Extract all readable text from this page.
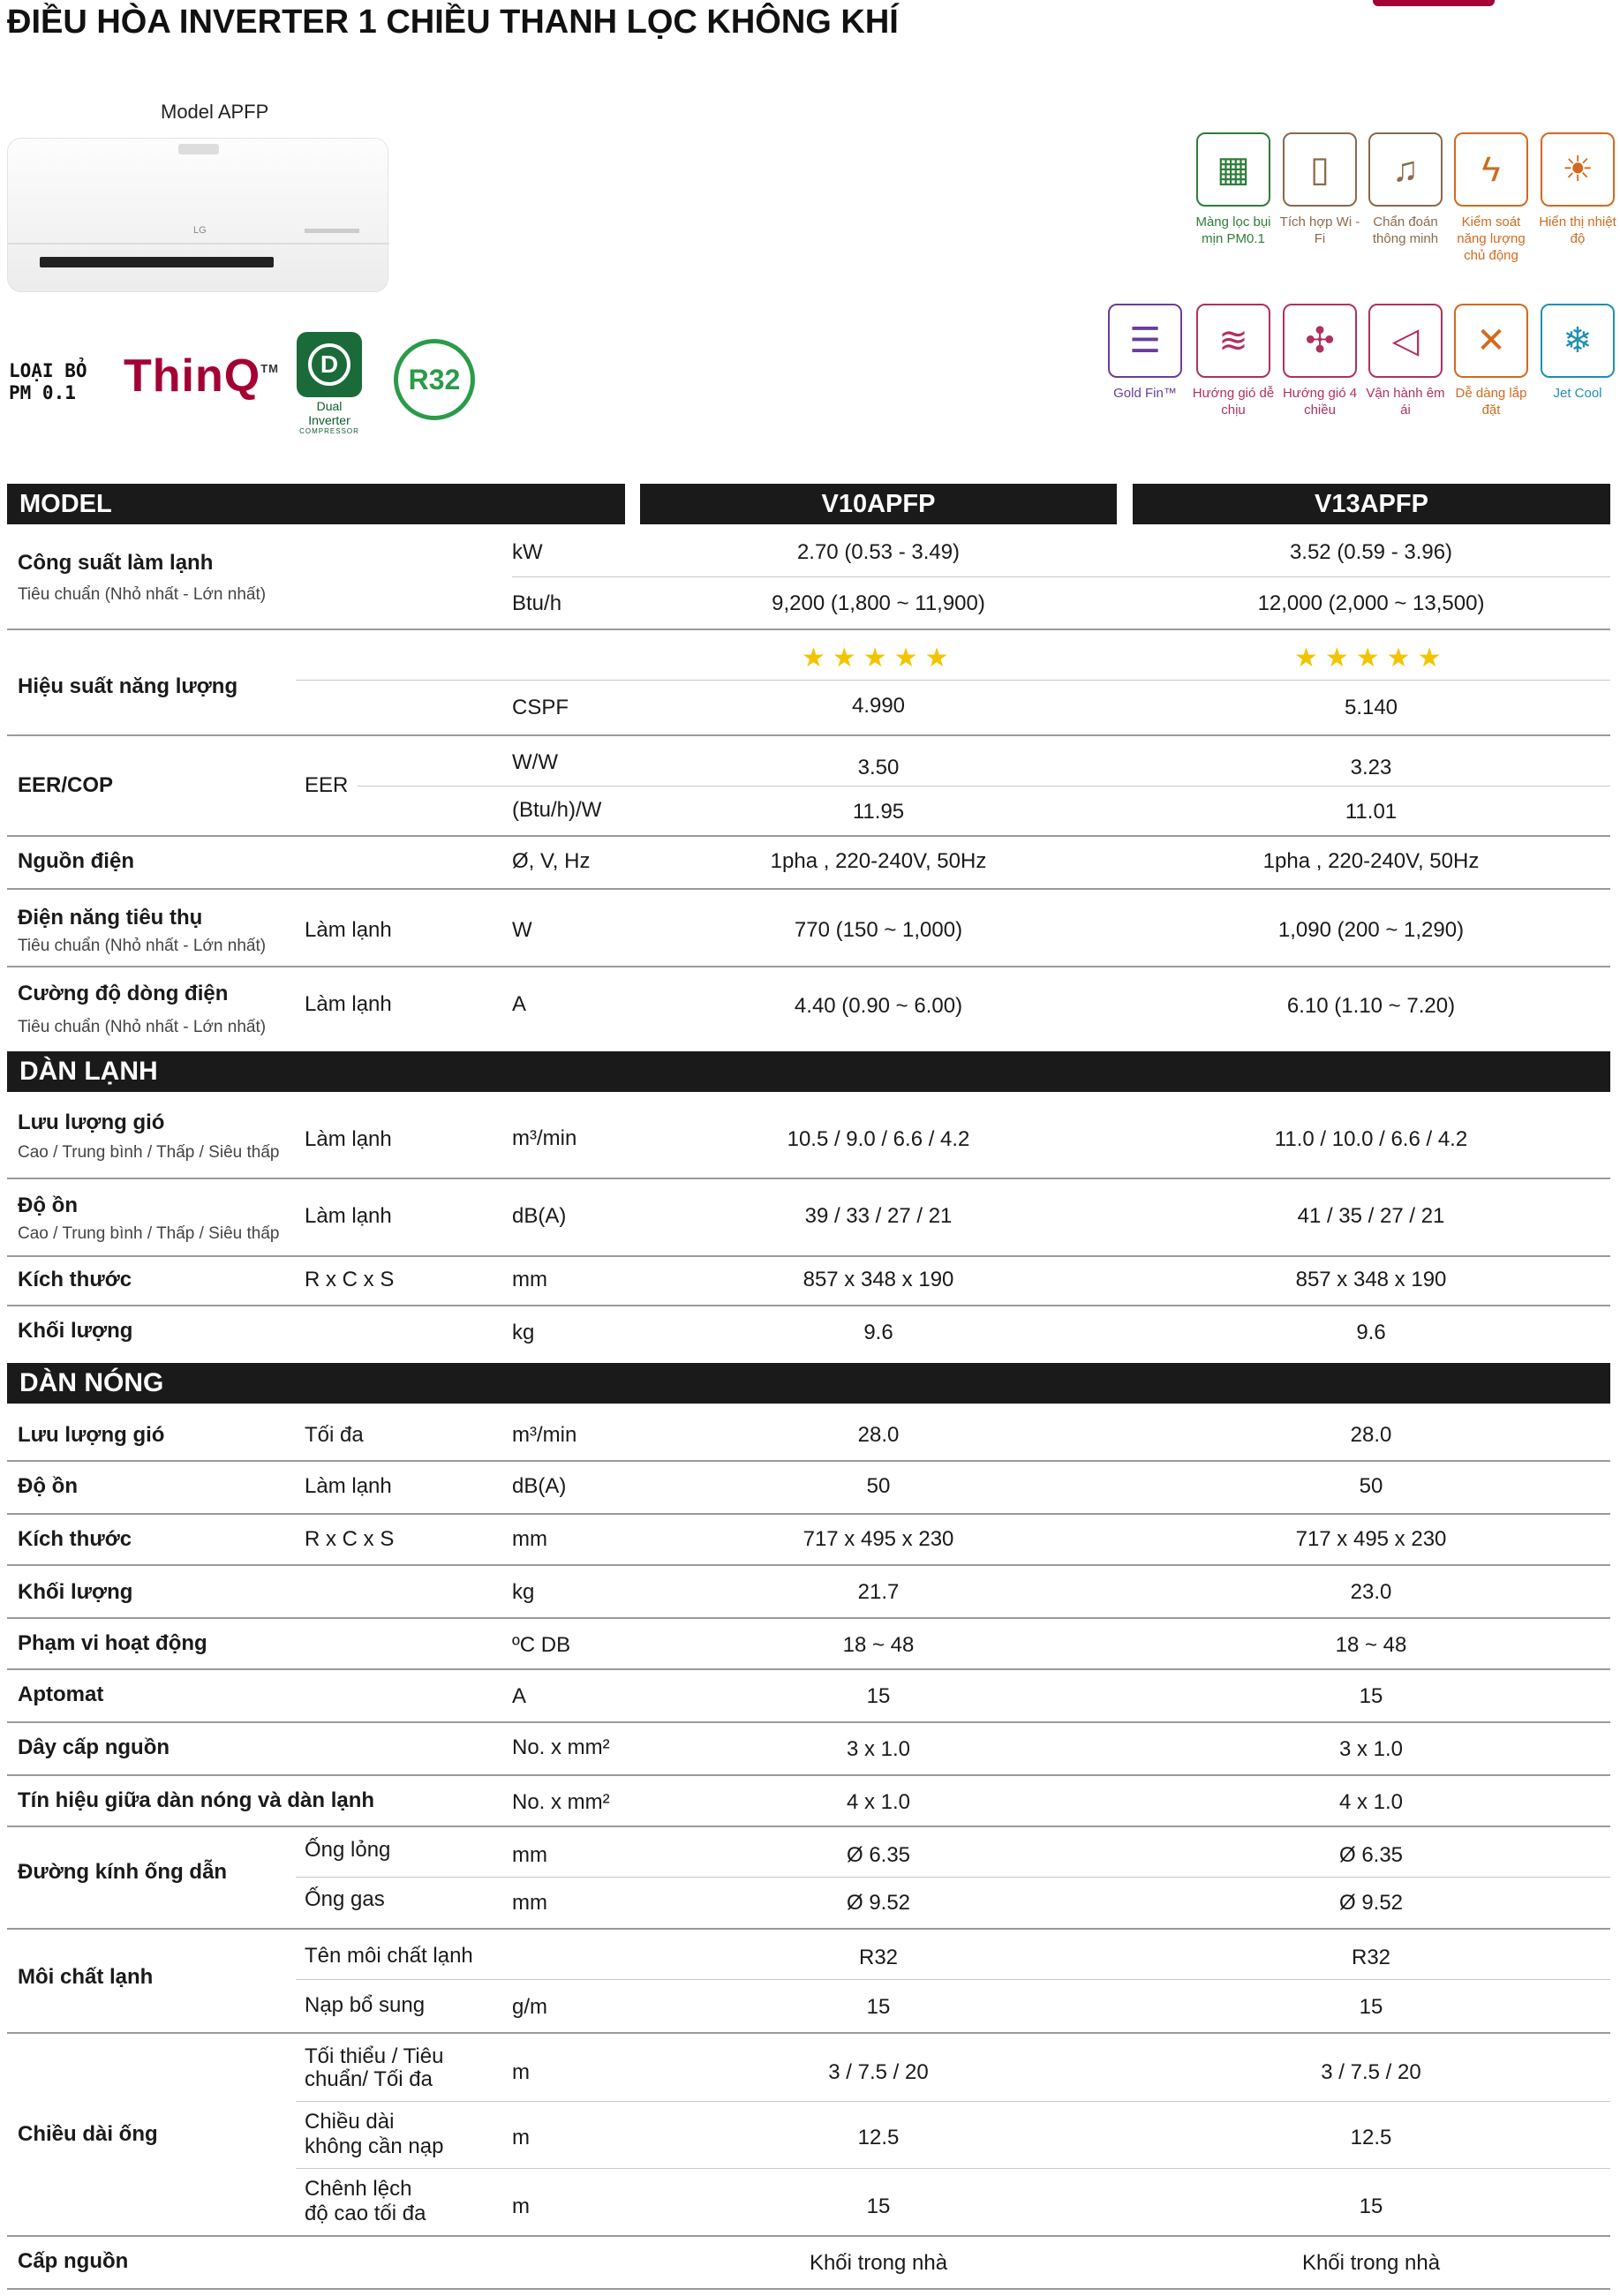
ĐIỀU HÒA INVERTER 1 CHIỀU THANH LỌC KHÔNG KHÍ
Model APFP
LG
LOẠI BỎ
PM 0.1 ThinQ™	D
Dual Inverter
COMPRESSOR
R32
▦	▯	♫	ϟ	☀
Màng lọc bụi mịn PM0.1
Tích hợp Wi - Fi
Chẩn đoán thông minh
Kiểm soát năng lượng chủ động
Hiển thị nhiệt độ
☰	≋	✣	◁	✕	❄
Gold Fin™	Hướng gió dễ chịu
Hướng gió 4 chiều
Vận hành êm ái
Dễ dàng lắp đặt
Jet Cool
MODEL	V10APFP	V13APFP
Công suất làm lạnh
Tiêu chuẩn (Nhỏ nhất - Lớn nhất)
kW	2.70 (0.53 - 3.49)	3.52 (0.59 - 3.96)
Btu/h	9,200 (1,800 ~ 11,900)	12,000 (2,000 ~ 13,500)
Hiệu suất năng lượng
★★★★★	★★★★★
CSPF	4.990	5.140
EER/COP	EER
W/W	3.50	3.23
(Btu/h)/W	11.95	11.01
Nguồn điện	Ø, V, Hz	1pha , 220-240V, 50Hz	1pha , 220-240V, 50Hz
Điện năng tiêu thụ
Tiêu chuẩn (Nhỏ nhất - Lớn nhất)
Làm lạnh	W	770 (150 ~ 1,000)	1,090 (200 ~ 1,290)
Cường độ dòng điện
Tiêu chuẩn (Nhỏ nhất - Lớn nhất)
Làm lạnh	A	4.40 (0.90 ~ 6.00)	6.10 (1.10 ~ 7.20)
DÀN LẠNH
Lưu lượng gió
Cao / Trung bình / Thấp / Siêu thấp
Làm lạnh	m³/min	10.5 / 9.0 / 6.6 / 4.2	11.0 / 10.0 / 6.6 / 4.2
Độ ồn
Cao / Trung bình / Thấp / Siêu thấp
Làm lạnh	dB(A)	39 / 33 / 27 / 21	41 / 35 / 27 / 21
Kích thước	R x C x S	mm	857 x 348 x 190	857 x 348 x 190
Khối lượng	kg	9.6	9.6
DÀN NÓNG
Lưu lượng gió	Tối đa	m³/min	28.0	28.0
Độ ồn	Làm lạnh	dB(A)	50	50
Kích thước	R x C x S	mm	717 x 495 x 230	717 x 495 x 230
Khối lượng	kg	21.7	23.0
Phạm vi hoạt động	ºC DB	18 ~ 48	18 ~ 48
Aptomat	A	15	15
Dây cấp nguồn	No. x mm²	3 x 1.0	3 x 1.0
Tín hiệu giữa dàn nóng và dàn lạnh	No. x mm²	4 x 1.0	4 x 1.0
Đường kính ống dẫn
Ống lỏng	mm	Ø 6.35	Ø 6.35
Ống gas	mm	Ø 9.52	Ø 9.52
Môi chất lạnh
Tên môi chất lạnh	R32	R32
Nạp bổ sung	g/m	15	15
Chiều dài ống
Tối thiểu / Tiêu
chuẩn/ Tối đa	m	3 / 7.5 / 20	3 / 7.5 / 20
Chiều dài
không cần nạp	m	12.5	12.5
Chênh lệch
độ cao tối đa	m	15	15
Cấp nguồn	Khối trong nhà	Khối trong nhà
